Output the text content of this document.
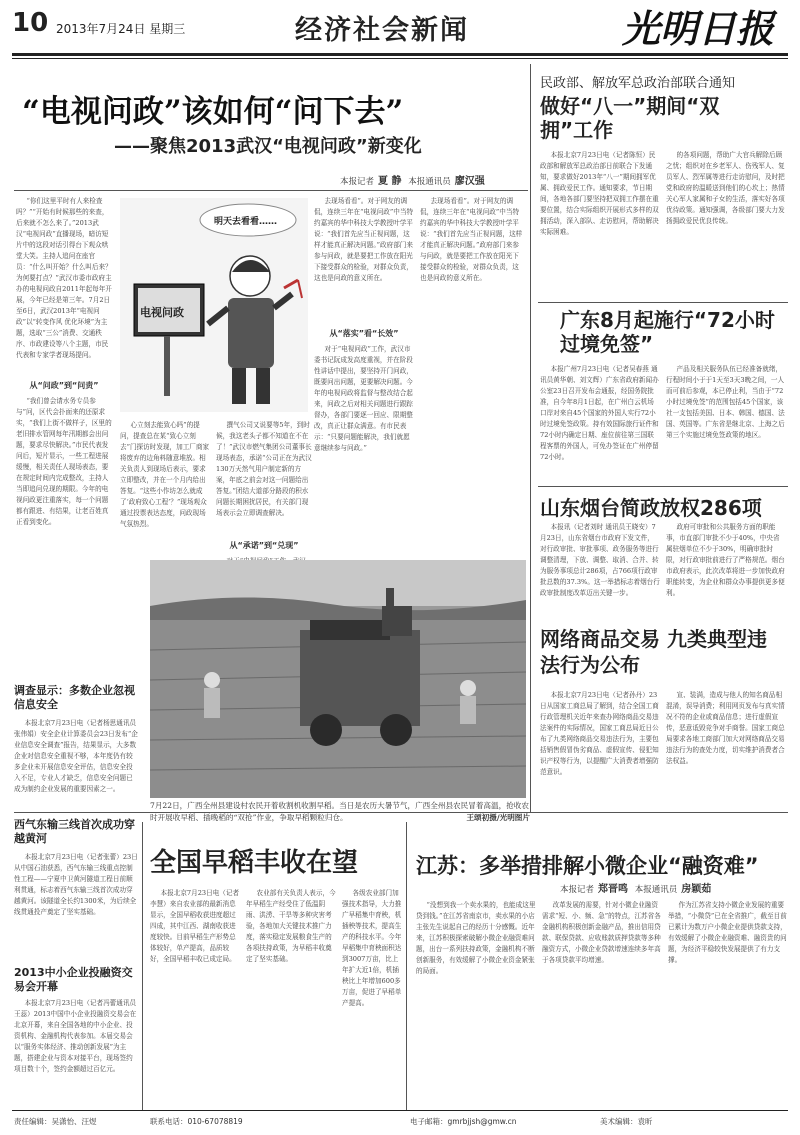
10 2013年7月24日 星期三	经济社会新闻	光明日报
“电视问政”该如何“问下去”
——聚焦2013武汉“电视问政”新变化
本报记者 夏 静 本报通讯员 廖汉强
“你们这里平时有人来检查吗？”“开始有时候那些的来查，后来就不怎么来了。”2013武汉“电视问政”直播现场，暗访短片中的这段对话引得台下观众哄堂大笑。主持人追问在座官员：“什么叫开始？什么叫后来？为何要打点？”武汉市委市政府主办的电视问政自2011年起每年开展，今年已经是第三年。7月2日至6日，武汉2013年“电视问政”以“转变作风 优化环境”为主题，选取“三公”消费、交通秩序、市政建设等八个主题，市民代表和专家学者现场提问。
从“问政”到“问责”
“我们曾会请水务专员参与”问，区代会扑面来的还原求实，“我们上街不做样子，区里的老旧排水管网每年汛期都会出问题，要求尽快解决。”市民代表发问后，短片显示，一些工程进展缓慢，相关责任人现场表态，要在规定时间内完成整改，主持人当即追问兑现的期限。今年的电视问政更注重落实，每一个问题都有跟进、有结果，让老百姓真正看到变化。
电视问政
明天去看看……
心立刻去能致心吗”的提问，提查总在某“致心立刻去”门探访时发现，加工厂商家将废弃的边角料随意堆放。相关负责人到现场后表示，要求立即整改，并在一个月内给出答复。“这些小作坊怎么就成了‘政府致心工程’？”现场观众通过投票表达态度，问政现场气氛热烈。
从“承诺”到“兑现”
撰气公司又说要等5年，到时候，我这老头子都不知道在不在了！”武汉市燃气集团公司董事长现场表态，承诺“公司正在为武汉130万天然气用户制定新的方案，年底之前会对这一问题给出答复。”团结大道部分路段的积水问题长期困扰居民，有关部门现场表示会立即调查解决。
去现场看看”。对于网友的调侃，连续三年在“电视问政”中当特约嘉宾的华中科技大学教授叶学平说：“我们首先应当正视问题，这样才能真正解决问题。”政府部门来参与问政，就是要把工作放在阳光下接受群众的检验，对群众负责，这也是问政的意义所在。
从“落实”看“长效”
对于“电视问政”工作，武汉市委书记阮成发高度重视，并在阶段性讲话中提出，要坚持开门问政，既要问出问题，更要解决问题。今年的电视问政将监督与整改结合起来，问政之后对相关问题进行跟踪督办，各部门要逐一回应、限期整改，真正让群众满意。有市民表示：“只要问题能解决，我们就愿意继续参与问政。”
去现场看看”。对于网友的调侃，连续三年在“电视问政”中当特约嘉宾的华中科技大学教授叶学平说：“我们首先应当正视问题，这样才能真正解决问题。”政府部门来参与问政，就是要把工作放在阳光下接受群众的检验，对群众负责，这也是问政的意义所在。
民政部、解放军总政治部联合通知
做好“八一”期间“双拥”工作
本报北京7月23日电（记者陈恒）民政部和解放军总政治部日前联合下发通知，要求做好2013年“八一”期间拥军优属、拥政爱民工作。通知要求，节日期间，各地各部门要坚持把双拥工作摆在重要位置，结合实际组织开展形式多样的双拥活动，深入部队、走访慰问，帮助解决实际困难。
的各项问题，帮助广大官兵解除后顾之忧；组织对在乡老军人、伤残军人、复员军人、烈军属等进行走访慰问，及时把党和政府的温暖送到他们的心坎上；热情关心军人家属和子女的生活，落实好各项优待政策。通知强调，各级部门要大力发扬拥政爱民优良传统。
广东8月起施行“72小时过境免签”
本报广州7月23日电（记者吴春燕 通讯员黄华朝、刘文辉）广东省政府新闻办公室23日召开发布会通报，经国务院批准，自今年8月1日起，在广州白云机场口岸对来自45个国家的外国人实行72小时过境免签政策。持有效国际旅行证件和72小时内确定日期、座位前往第三国联程客票的外国人，可免办签证在广州停留72小时。
产品及相关服务队伍已经准备就绪，行程时间小于于1天至3天3晚之间，一人而可前后参观，本已停止利，当由于“72小时过境免签”的范围包括45个国家，该社一支包括美国、日本、韩国、德国、法国、英国等。广东省是继北京、上海之后第三个实施过境免签政策的地区。
山东烟台简政放权286项
本报讯（记者刘时 通讯员王晓安）7月23日，山东省烟台市政府下发文件，对行政审批、审批事项、政务服务等进行调整清理，下放、调整、取消、合并、转为服务事项总计286项，占766项行政审批总数的37.3%。这一举措标志着烟台行政审批制度改革迈出关键一步。
政府可审批和公共服务方面的职能事，市直部门审批不少于40%，中央省属驻烟单位不少于30%，明确审批时限，对行政审批前进行了严格规范。烟台市政府表示，此次改革将进一步加快政府职能转变，为企业和群众办事提供更多便利。
7月22日，广西全州县建设村农民开着收割机收割早稻。当日是农历大暑节气，广西全州县农民冒着高温，抢收农时开展收早稻、插晚稻的“双抢”作业，争取早稻颗粒归仓。	王颂初摄/光明图片
网络商品交易 九类典型违法行为公布
本报北京7月23日电（记者孙丹）23日从国家工商总局了解到，结合全国工商行政管理机关近年来查办网络商品交易违法案件的实际情况，国家工商总局近日公布了九类网络商品交易违法行为，主要包括销售假冒伪劣商品、虚假宣传、侵犯知识产权等行为，以提醒广大消费者增强防范意识。
宣、装满，造成与他人的知名商品相混淆，误导消费；利用网页发布与真实情况不符的企业或商品信息；进行虚假宣传，恶意诋毁竞争对手商誉。国家工商总局要求各地工商部门加大对网络商品交易违法行为的查处力度，切实维护消费者合法权益。
调查显示：多数企业忽视信息安全
本报北京7月23日电（记者杨思通讯员张伟娟）安全企业计算委员会23日发布“企业信息安全调查”报告，结果显示，大多数企业对信息安全重视不够，本年度仍有较多企业未开展信息安全评估，信息安全投入不足，专业人才缺乏，信息安全问题已成为制约企业发展的重要因素之一。
西气东输三线首次成功穿越黄河
本报北京7月23日电（记者张蕾）23日从中国石油获悉，西气东输三线重点控制性工程——宁夏中卫黄河隧道工程日前顺利贯通，标志着西气东输三线首次成功穿越黄河。该隧道全长约1300米，为后续全线贯通投产奠定了坚实基础。
2013中小企业投融资交易会开幕
本报北京7月23日电（记者冯蕾通讯员王蕊）2013中国中小企业投融资交易会在北京开幕，来自全国各地的中小企业、投资机构、金融机构代表参加。本届交易会以“服务实体经济、推动创新发展”为主题，搭建企业与资本对接平台，现场签约项目数十个，签约金额超过百亿元。
全国早稻丰收在望
本报北京7月23日电（记者李慧）来自农业部的最新消息显示，全国早稻收获进度超过四成，其中江西、湖南收获进度较快。目前早稻生产形势总体较好，单产提高，品质较好，全国早稻丰收已成定局。
农业部有关负责人表示，今年早稻生产经受住了低温阴雨、洪涝、干旱等多种灾害考验，各地加大关键技术推广力度，落实稳定发展粮食生产的各项扶持政策，为早稻丰收奠定了坚实基础。
各级农业部门加强技术指导，大力推广早稻集中育秧，机插秧等技术，提高生产的科技水平。今年早稻集中育秧面积达到3007万亩，比上年扩大近1倍，机插秧比上年增加600多万亩，促进了早稻单产提高。
江苏：多举措排解小微企业“融资难”
本报记者 郑晋鸣 本报通讯员 房颖茹
“没想到我一个卖水果的，也能成这里贷到钱。”在江苏省南京市，卖水果的小店主张先生说起自己的经历十分感慨。近年来，江苏积极探索破解小微企业融资难问题，出台一系列扶持政策，金融机构不断创新服务，有效缓解了小微企业资金紧张的局面。
改革发展的需要，针对小微企业融资需求“短、小、频、急”的特点，江苏省各金融机构积极创新金融产品，推出信用贷款、联保贷款、应收账款质押贷款等多种融资方式，小微企业贷款增速连续多年高于各项贷款平均增速。
作为江苏省支持小微企业发展的重要举措，“小微贷”已在全省推广，截至目前已累计为数万户小微企业提供贷款支持，有效缓解了小微企业融资难、融资贵的问题，为经济平稳较快发展提供了有力支撑。
责任编辑：吴潇怡、汪煜	联系电话：010-67078819	电子邮箱：gmrbjjsh@gmw.cn	美术编辑：袁昕
